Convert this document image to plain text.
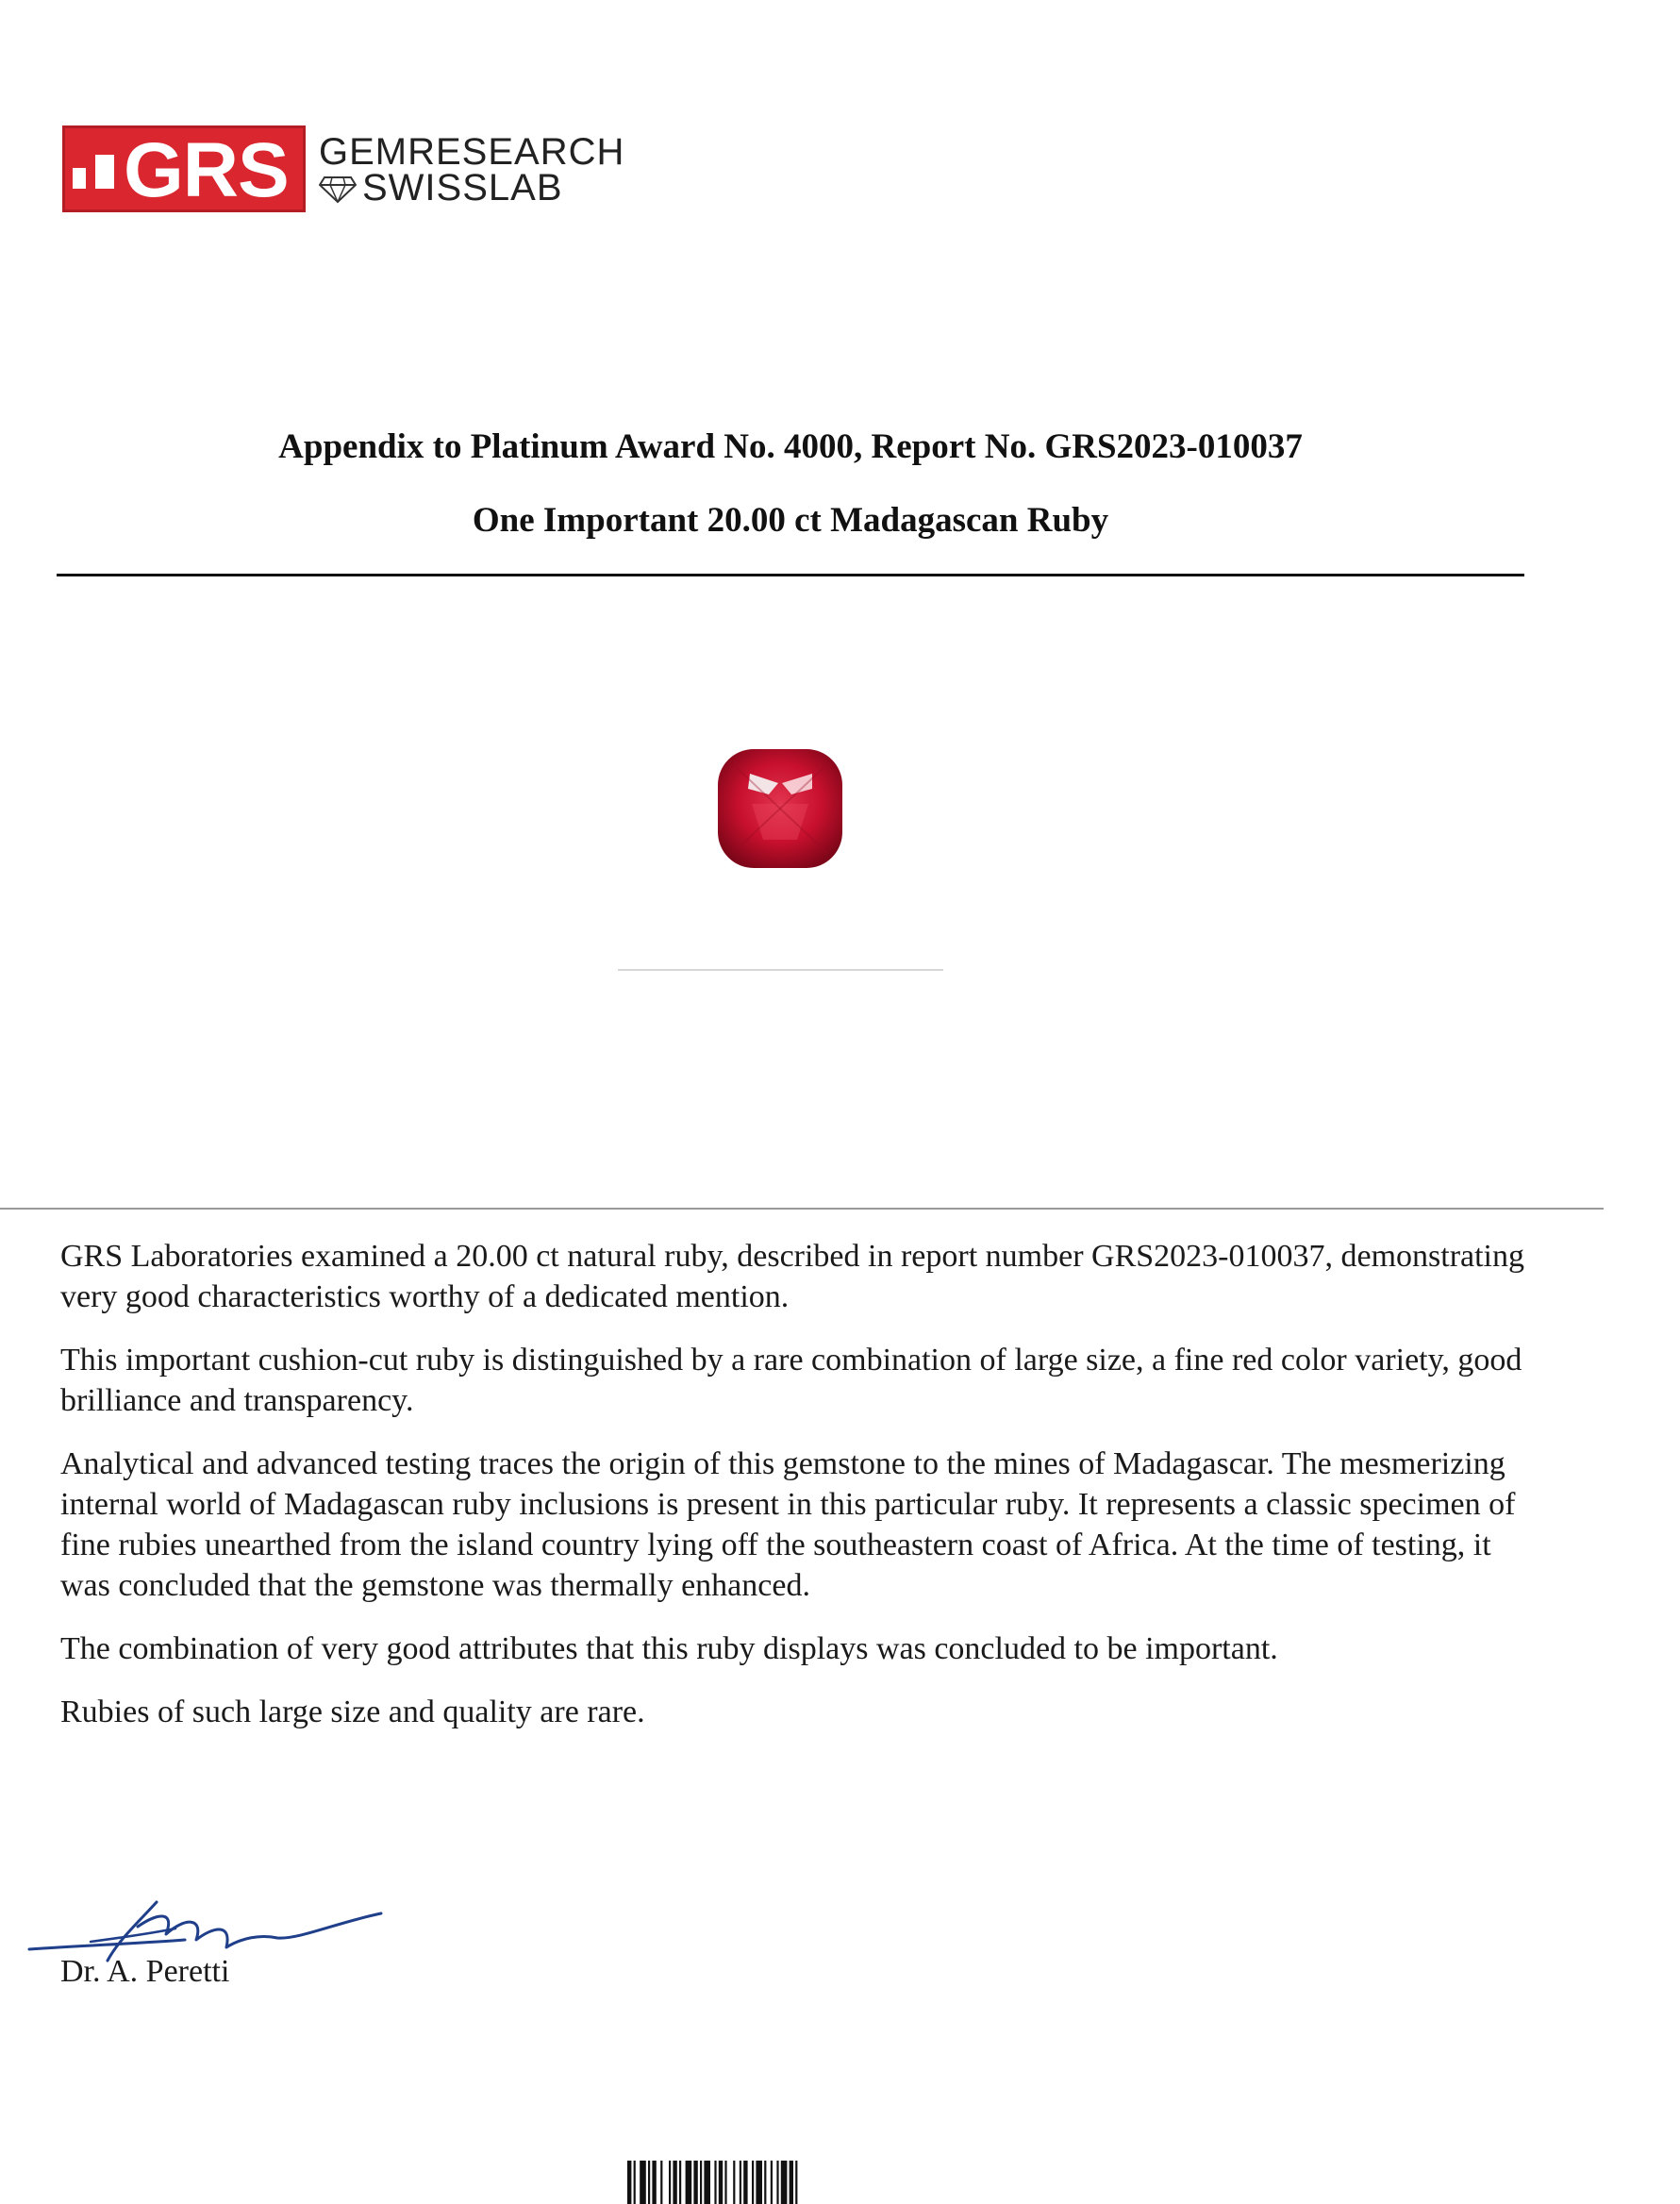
GRS GEMRESEARCH
SWISSLAB
Appendix to Platinum Award No. 4000, Report No. GRS2023-010037
One Important 20.00 ct Madagascan Ruby

GRS Laboratories examined a 20.00 ct natural ruby, described in report number GRS2023-010037, demonstrating very good characteristics worthy of a dedicated mention.

This important cushion-cut ruby is distinguished by a rare combination of large size, a fine red color variety, good brilliance and transparency.

Analytical and advanced testing traces the origin of this gemstone to the mines of Madagascar. The mesmerizing internal world of Madagascan ruby inclusions is present in this particular ruby. It represents a classic specimen of fine rubies unearthed from the island country lying off the southeastern coast of Africa. At the time of testing, it was concluded that the gemstone was thermally enhanced.

The combination of very good attributes that this ruby displays was concluded to be important.

Rubies of such large size and quality are rare.

Dr. A. Peretti
